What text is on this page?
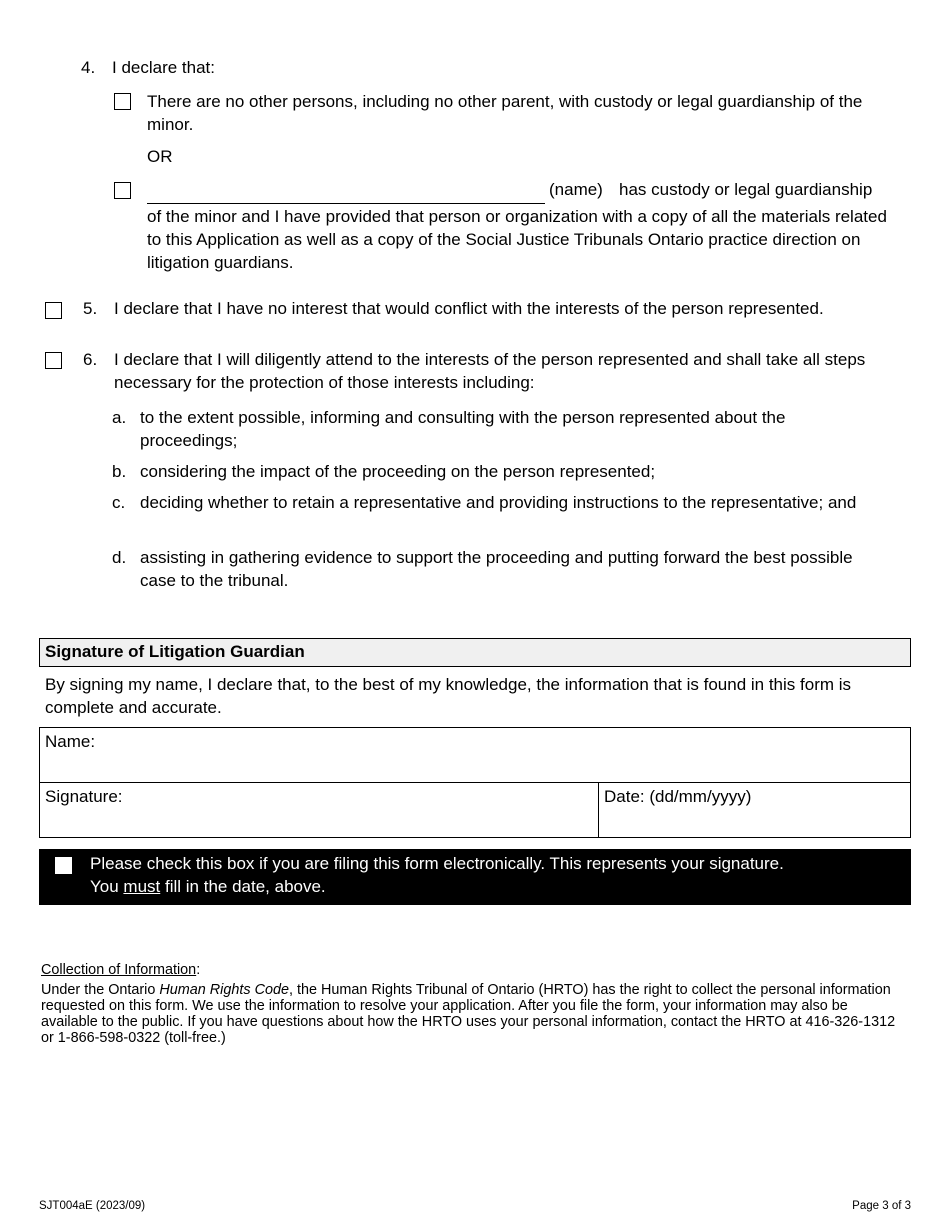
4. I declare that:
There are no other persons, including no other parent, with custody or legal guardianship of the minor.
OR
(name) has custody or legal guardianship
of the minor and I have provided that person or organization with a copy of all the materials related to this Application as well as a copy of the Social Justice Tribunals Ontario practice direction on litigation guardians.
5. I declare that I have no interest that would conflict with the interests of the person represented.
6. I declare that I will diligently attend to the interests of the person represented and shall take all steps necessary for the protection of those interests including:
a. to the extent possible, informing and consulting with the person represented about the proceedings;
b. considering the impact of the proceeding on the person represented;
c. deciding whether to retain a representative and providing instructions to the representative; and
d. assisting in gathering evidence to support the proceeding and putting forward the best possible case to the tribunal.
Signature of Litigation Guardian
By signing my name, I declare that, to the best of my knowledge, the information that is found in this form is complete and accurate.
Name:
Signature:	Date: (dd/mm/yyyy)
Please check this box if you are filing this form electronically. This represents your signature.
You must fill in the date, above.
Collection of Information:
Under the Ontario Human Rights Code, the Human Rights Tribunal of Ontario (HRTO) has the right to collect the personal information requested on this form. We use the information to resolve your application. After you file the form, your information may also be available to the public. If you have questions about how the HRTO uses your personal information, contact the HRTO at 416-326-1312 or 1-866-598-0322 (toll-free.)
SJT004aE (2023/09)	Page 3 of 3
